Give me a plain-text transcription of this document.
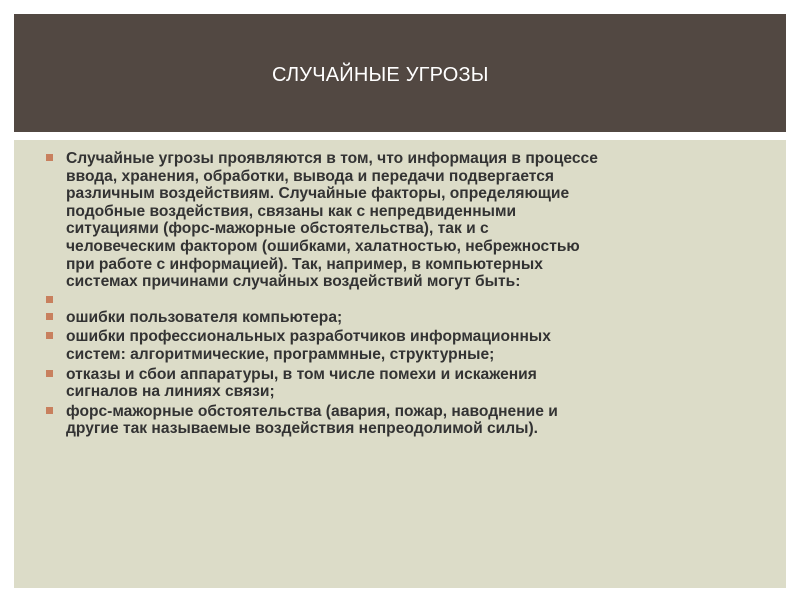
СЛУЧАЙНЫЕ УГРОЗЫ
Случайные угрозы проявляются в том, что информация в процессе
ввода, хранения, обработки, вывода и передачи подвергается
различным воздействиям. Случайные факторы, определяющие
подобные воздействия, связаны как с непредвиденными
ситуациями (форс-мажорные обстоятельства), так и с
человеческим фактором (ошибками, халатностью, небрежностью
при работе с информацией). Так, например, в компьютерных
системах причинами случайных воздействий могут быть:
ошибки пользователя компьютера;
ошибки профессиональных разработчиков информационных
систем: алгоритмические, программные, структурные;
отказы и сбои аппаратуры, в том числе помехи и искажения
сигналов на линиях связи;
форс-мажорные обстоятельства (авария, пожар, наводнение и
другие так называемые воздействия непреодолимой силы).
